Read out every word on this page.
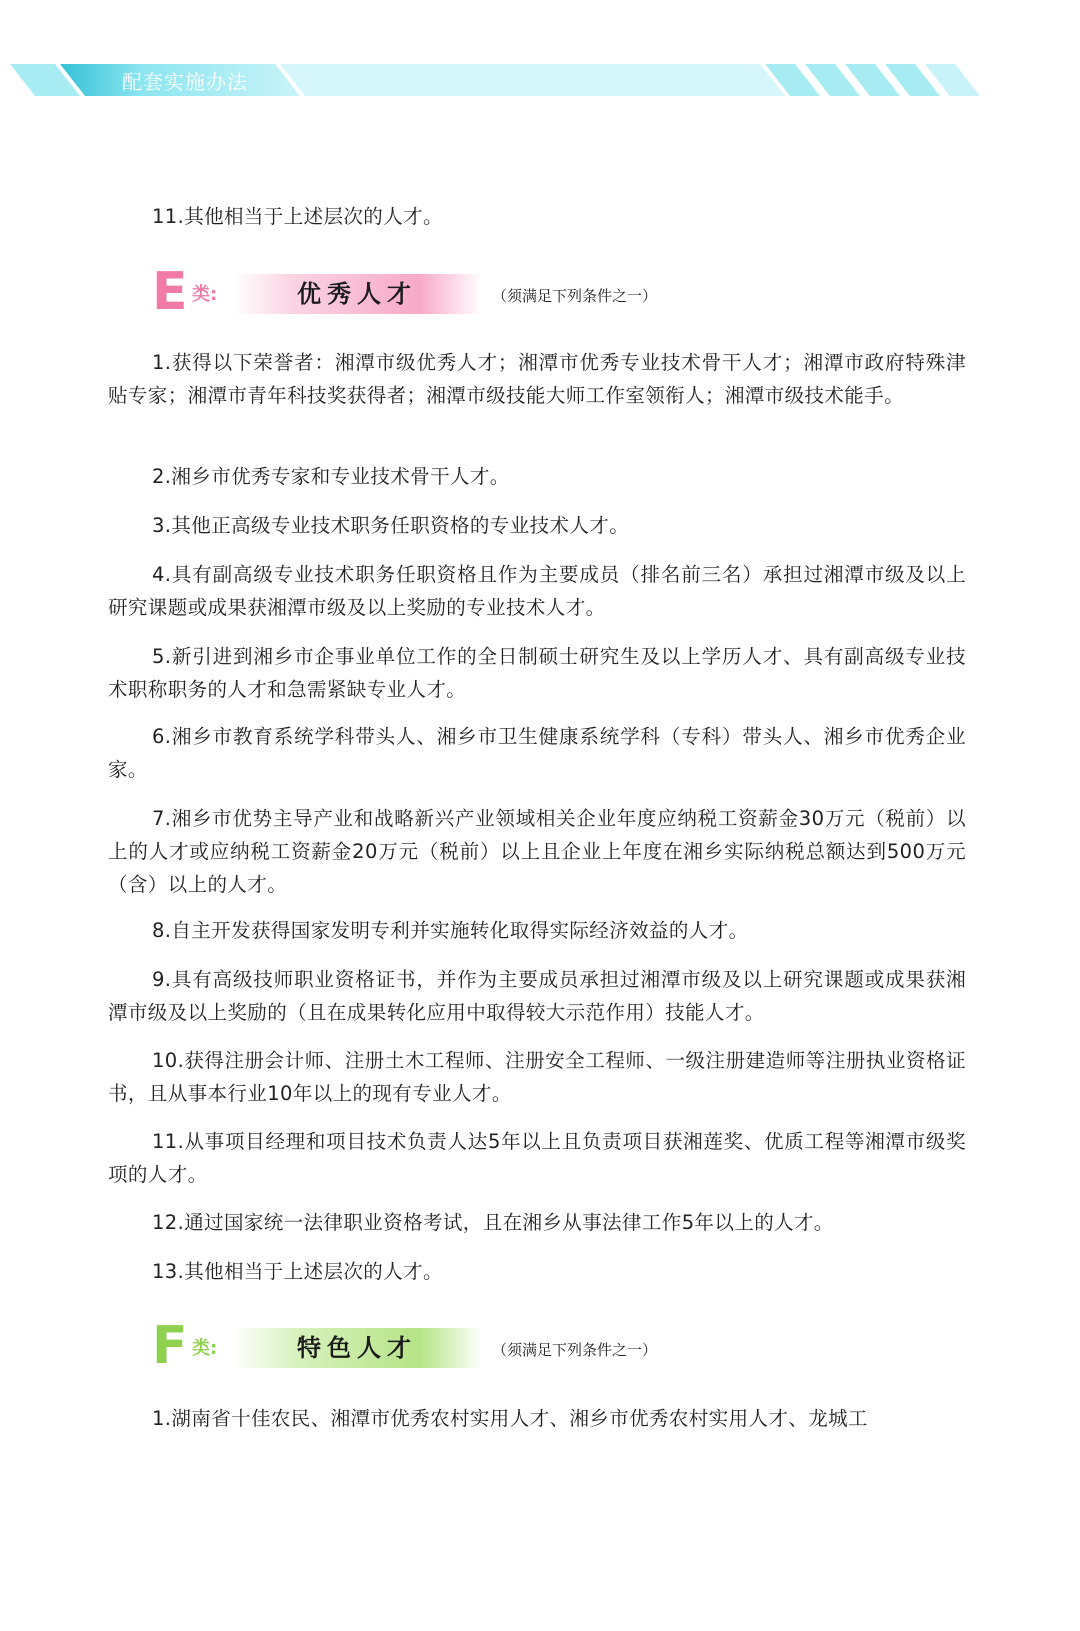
配套实施办法
11.其他相当于上述层次的人才。
E 类:	优秀人才	（须满足下列条件之一）
1.获得以下荣誉者：湘潭市级优秀人才；湘潭市优秀专业技术骨干人才；湘潭市政府特殊津贴专家；湘潭市青年科技奖获得者；湘潭市级技能大师工作室领衔人；湘潭市级技术能手。
2.湘乡市优秀专家和专业技术骨干人才。
3.其他正高级专业技术职务任职资格的专业技术人才。
4.具有副高级专业技术职务任职资格且作为主要成员（排名前三名）承担过湘潭市级及以上研究课题或成果获湘潭市级及以上奖励的专业技术人才。
5.新引进到湘乡市企事业单位工作的全日制硕士研究生及以上学历人才、具有副高级专业技术职称职务的人才和急需紧缺专业人才。
6.湘乡市教育系统学科带头人、湘乡市卫生健康系统学科（专科）带头人、湘乡市优秀企业家。
7.湘乡市优势主导产业和战略新兴产业领域相关企业年度应纳税工资薪金30万元（税前）以上的人才或应纳税工资薪金20万元（税前）以上且企业上年度在湘乡实际纳税总额达到500万元（含）以上的人才。
8.自主开发获得国家发明专利并实施转化取得实际经济效益的人才。
9.具有高级技师职业资格证书，并作为主要成员承担过湘潭市级及以上研究课题或成果获湘潭市级及以上奖励的（且在成果转化应用中取得较大示范作用）技能人才。
10.获得注册会计师、注册土木工程师、注册安全工程师、一级注册建造师等注册执业资格证书，且从事本行业10年以上的现有专业人才。
11.从事项目经理和项目技术负责人达5年以上且负责项目获湘莲奖、优质工程等湘潭市级奖项的人才。
12.通过国家统一法律职业资格考试，且在湘乡从事法律工作5年以上的人才。
13.其他相当于上述层次的人才。
F 类:	特色人才	（须满足下列条件之一）
1.湖南省十佳农民、湘潭市优秀农村实用人才、湘乡市优秀农村实用人才、龙城工
